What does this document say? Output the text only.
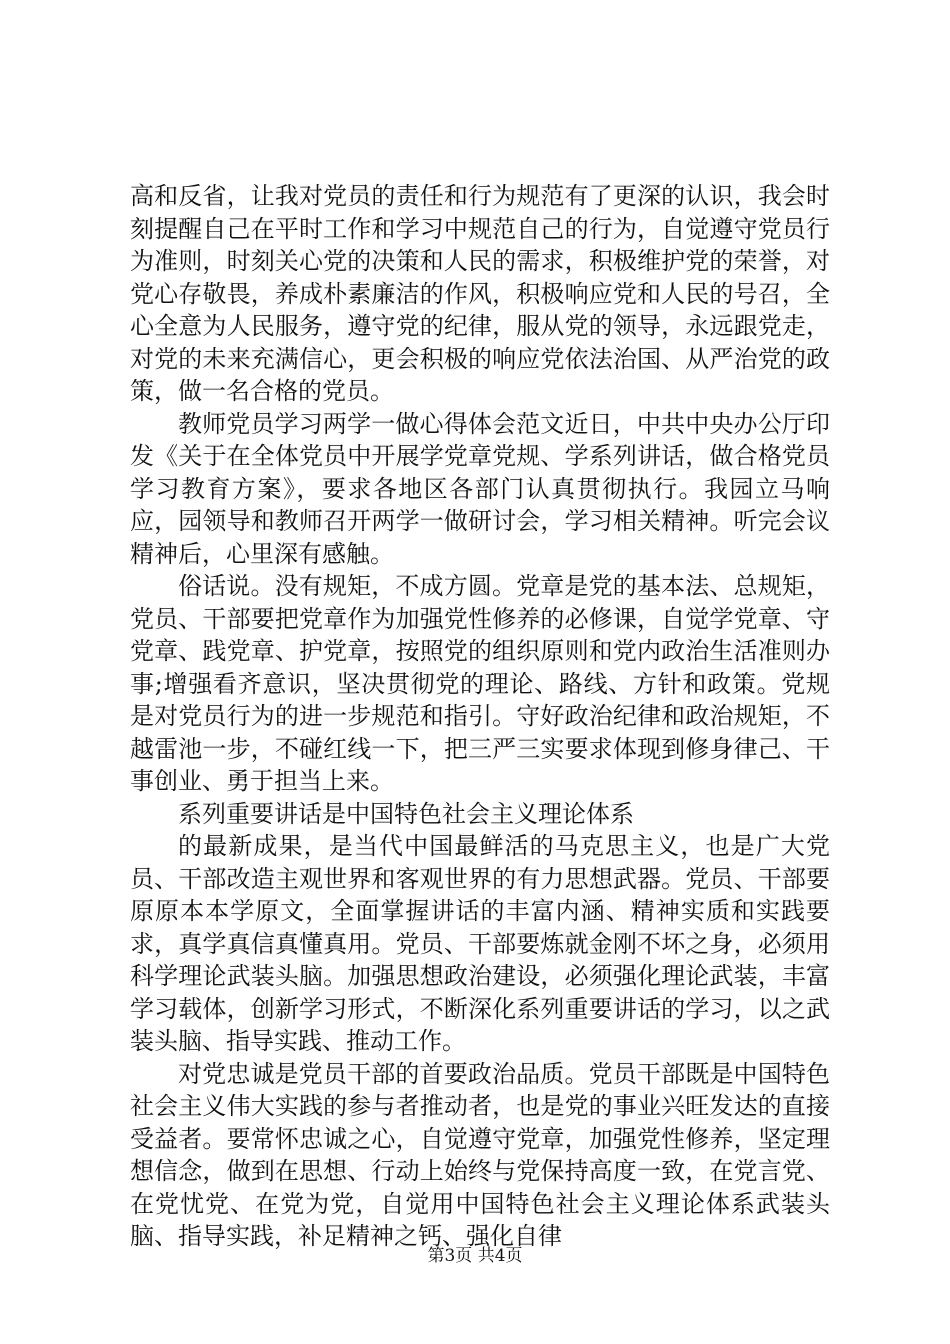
高和反省，让我对党员的责任和行为规范有了更深的认识，我会时刻提醒自己在平时工作和学习中规范自己的行为，自觉遵守党员行为准则，时刻关心党的决策和人民的需求，积极维护党的荣誉，对党心存敬畏，养成朴素廉洁的作风，积极响应党和人民的号召，全心全意为人民服务，遵守党的纪律，服从党的领导，永远跟党走，对党的未来充满信心，更会积极的响应党依法治国、从严治党的政策，做一名合格的党员。

教师党员学习两学一做心得体会范文近日，中共中央办公厅印发《关于在全体党员中开展学党章党规、学系列讲话，做合格党员学习教育方案》，要求各地区各部门认真贯彻执行。我园立马响应，园领导和教师召开两学一做研讨会，学习相关精神。听完会议精神后，心里深有感触。

俗话说。没有规矩，不成方圆。党章是党的基本法、总规矩，党员、干部要把党章作为加强党性修养的必修课，自觉学党章、守党章、践党章、护党章，按照党的组织原则和党内政治生活准则办事;增强看齐意识，坚决贯彻党的理论、路线、方针和政策。党规是对党员行为的进一步规范和指引。守好政治纪律和政治规矩，不越雷池一步，不碰红线一下，把三严三实要求体现到修身律己、干事创业、勇于担当上来。

系列重要讲话是中国特色社会主义理论体系

的最新成果，是当代中国最鲜活的马克思主义，也是广大党员、干部改造主观世界和客观世界的有力思想武器。党员、干部要原原本本学原文，全面掌握讲话的丰富内涵、精神实质和实践要求，真学真信真懂真用。党员、干部要炼就金刚不坏之身，必须用科学理论武装头脑。加强思想政治建设，必须强化理论武装，丰富学习载体，创新学习形式，不断深化系列重要讲话的学习，以之武装头脑、指导实践、推动工作。

对党忠诚是党员干部的首要政治品质。党员干部既是中国特色社会主义伟大实践的参与者推动者，也是党的事业兴旺发达的直接受益者。要常怀忠诚之心，自觉遵守党章，加强党性修养，坚定理想信念，做到在思想、行动上始终与党保持高度一致，在党言党、在党忧党、在党为党，自觉用中国特色社会主义理论体系武装头脑、指导实践，补足精神之钙、强化自律

第3页 共4页
